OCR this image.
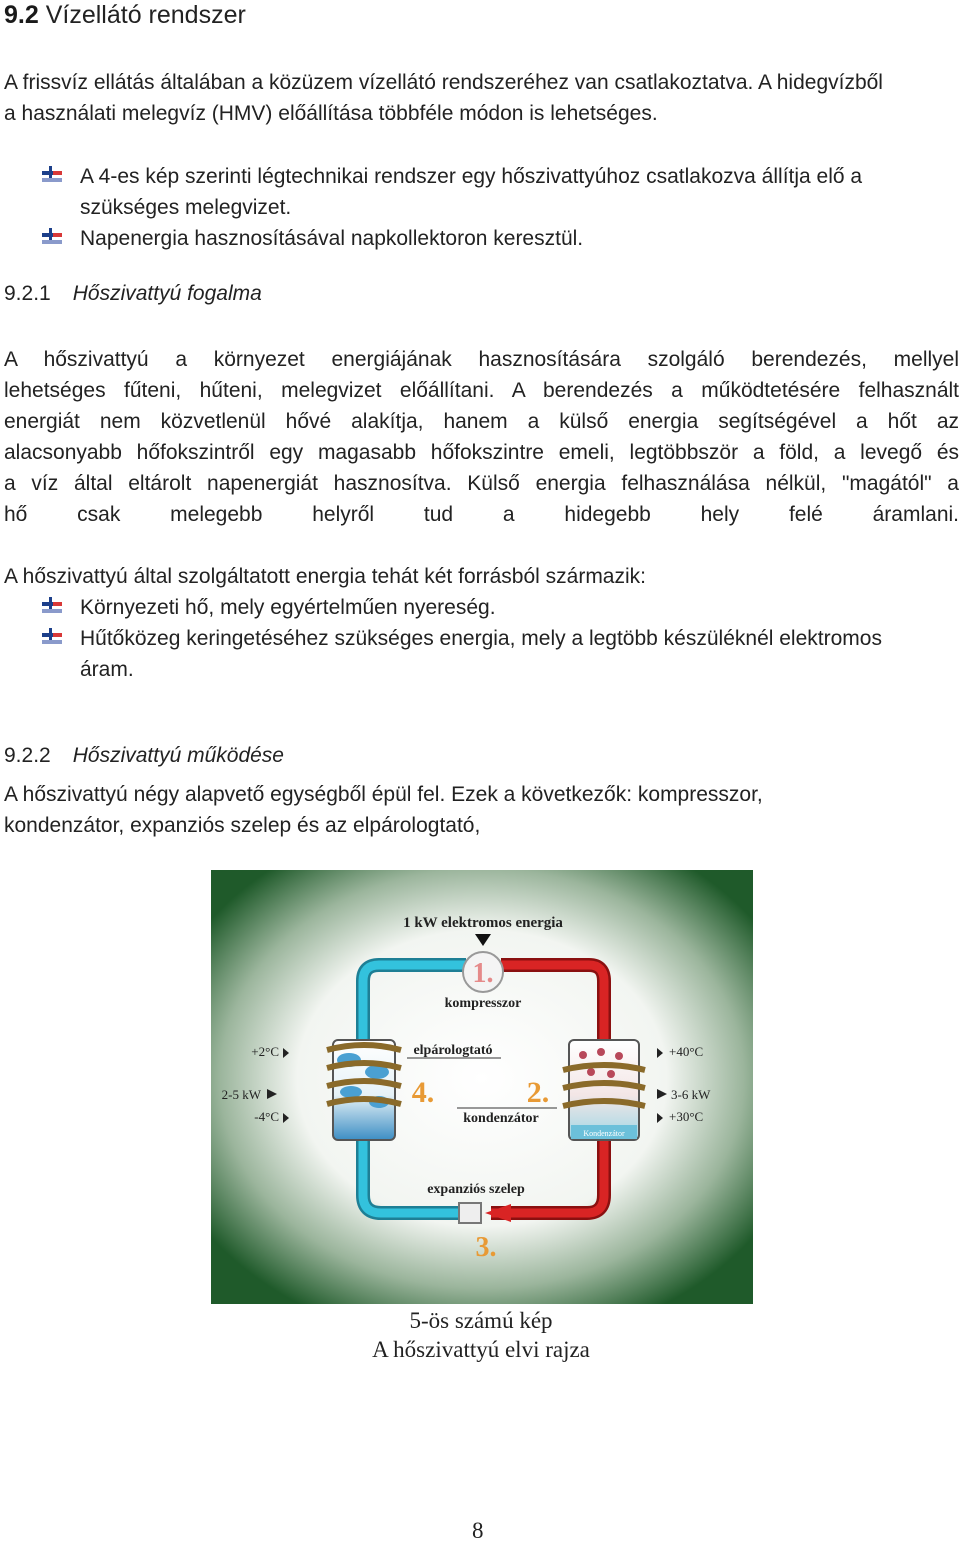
9.2 Vízellátó rendszer
A frissvíz ellátás általában a közüzem vízellátó rendszeréhez van csatlakoztatva. A hidegvízből
a használati melegvíz (HMV) előállítása többféle módon is lehetséges.
A 4-es kép szerinti légtechnikai rendszer egy hőszivattyúhoz csatlakozva állítja elő a
szükséges melegvizet.
Napenergia hasznosításával napkollektoron keresztül.
9.2.1 Hőszivattyú fogalma
A hőszivattyú a környezet energiájának hasznosítására szolgáló berendezés, mellyel
lehetséges fűteni, hűteni, melegvizet előállítani. A berendezés a működtetésére felhasznált
energiát nem közvetlenül hővé alakítja, hanem a külső energia segítségével a hőt az
alacsonyabb hőfokszintről egy magasabb hőfokszintre emeli, legtöbbször a föld, a levegő és
a víz által eltárolt napenergiát hasznosítva. Külső energia felhasználása nélkül, "magától" a
hő csak melegebb helyről tud a hidegebb hely felé áramlani.
A hőszivattyú által szolgáltatott energia tehát két forrásból származik:
Környezeti hő, mely egyértelműen nyereség.
Hűtőközeg keringetéséhez szükséges energia, mely a legtöbb készüléknél elektromos
áram.
9.2.2 Hőszivattyú működése
A hőszivattyú négy alapvető egységből épül fel. Ezek a következők: kompresszor,
kondenzátor, expanziós szelep és az elpárologtató,
1 kW elektromos energia
1.
kompresszor
4.
elpárologtató
Kondenzátor
2.
kondenzátor
+2°C
2-5 kW
-4°C
+40°C
3-6 kW
+30°C
expanziós szelep
3.
5-ös számú kép
A hőszivattyú elvi rajza
8
